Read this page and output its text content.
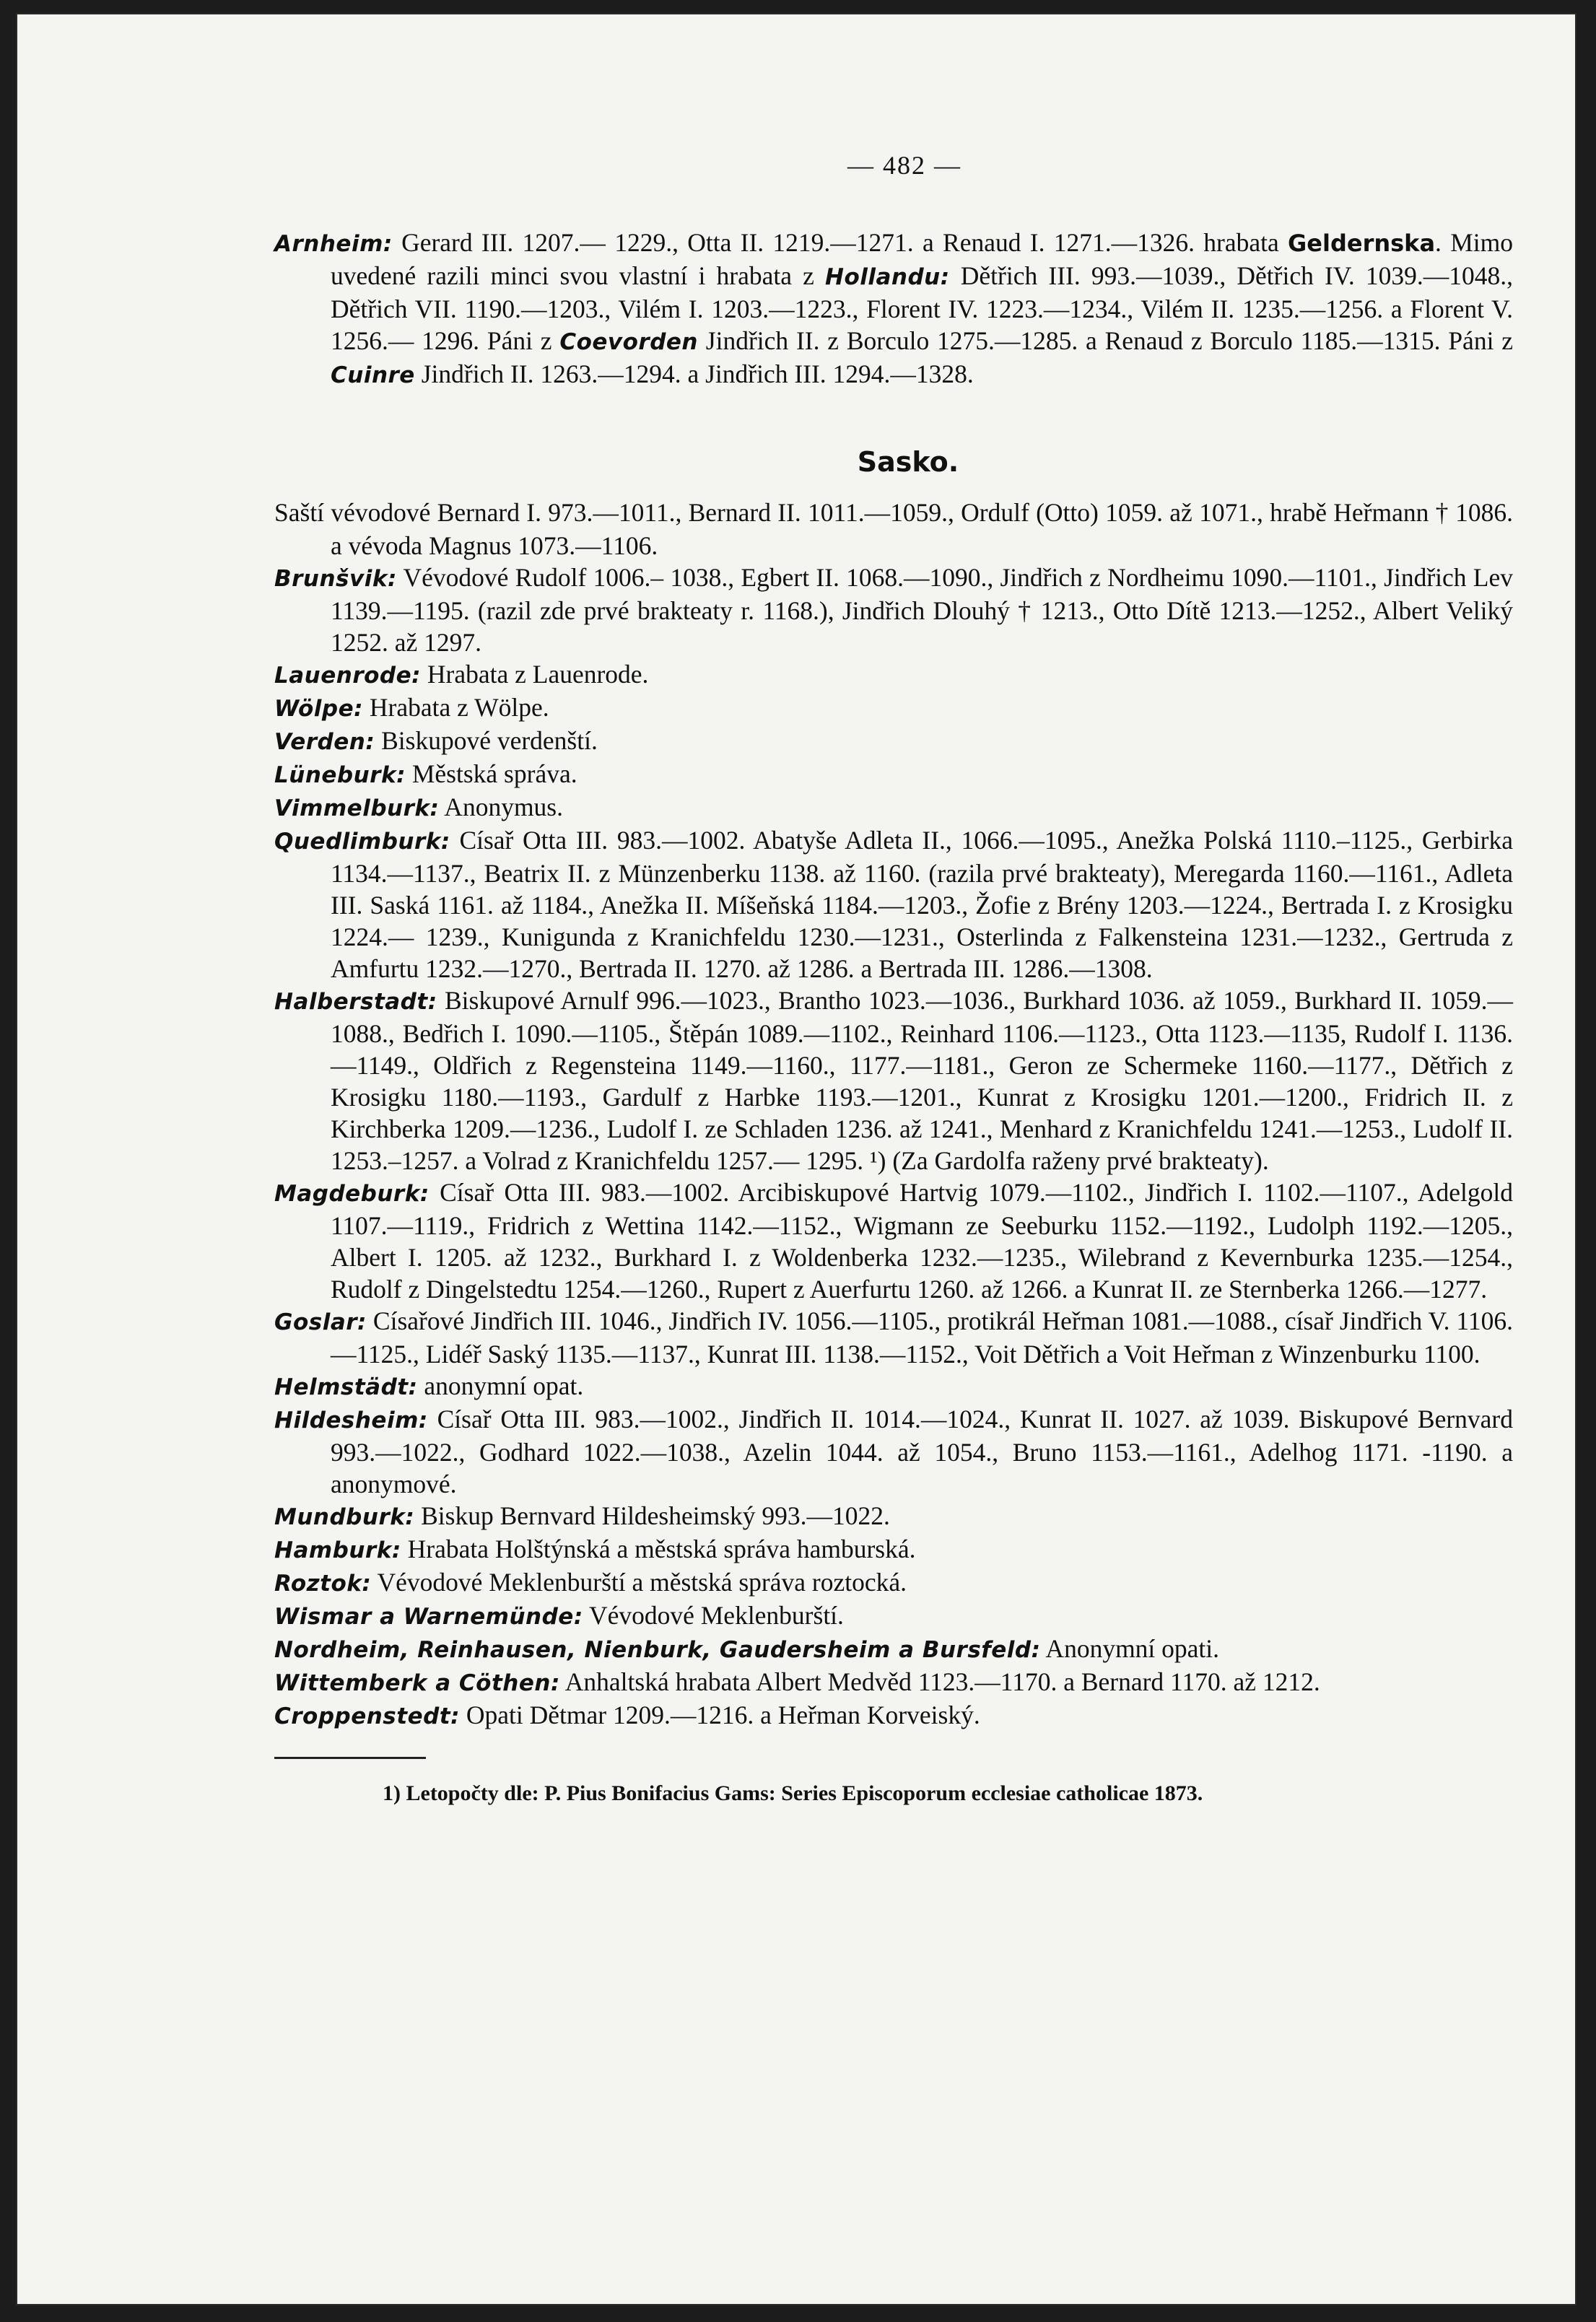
— 482 —

Arnheim: Gerard III. 1207.— 1229., Otta II. 1219.—1271. a Renaud I. 1271.—1326. hrabata Geldernska. Mimo uvedené razili minci svou vlastní i hrabata z Hollandu: Dětřich III. 993.—1039., Dětřich IV. 1039.—1048., Dětřich VII. 1190.—1203., Vilém I. 1203.—1223., Florent IV. 1223.—1234., Vilém II. 1235.—1256. a Florent V. 1256.— 1296. Páni z Coevorden Jindřich II. z Borculo 1275.—1285. a Renaud z Borculo 1185.—1315. Páni z Cuinre Jindřich II. 1263.—1294. a Jindřich III. 1294.—1328.

Sasko.

Saští vévodové Bernard I. 973.—1011., Bernard II. 1011.—1059., Ordulf (Otto) 1059. až 1071., hrabě Heřmann † 1086. a vévoda Magnus 1073.—1106.

Brunšvik: Vévodové Rudolf 1006.– 1038., Egbert II. 1068.—1090., Jindřich z Nordheimu 1090.—1101., Jindřich Lev 1139.—1195. (razil zde prvé brakteaty r. 1168.), Jindřich Dlouhý † 1213., Otto Dítě 1213.—1252., Albert Veliký 1252. až 1297.

Lauenrode: Hrabata z Lauenrode.

Wölpe: Hrabata z Wölpe.

Verden: Biskupové verdenští.

Lüneburk: Městská správa.

Vimmelburk: Anonymus.

Quedlimburk: Císař Otta III. 983.—1002. Abatyše Adleta II., 1066.—1095., Anežka Polská 1110.–1125., Gerbirka 1134.—1137., Beatrix II. z Münzenberku 1138. až 1160. (razila prvé brakteaty), Meregarda 1160.—1161., Adleta III. Saská 1161. až 1184., Anežka II. Míšeňská 1184.—1203., Žofie z Brény 1203.—1224., Bertrada I. z Krosigku 1224.— 1239., Kunigunda z Kranichfeldu 1230.—1231., Osterlinda z Falkensteina 1231.—1232., Gertruda z Amfurtu 1232.—1270., Bertrada II. 1270. až 1286. a Bertrada III. 1286.—1308.

Halberstadt: Biskupové Arnulf 996.—1023., Brantho 1023.—1036., Burkhard 1036. až 1059., Burkhard II. 1059.—1088., Bedřich I. 1090.—1105., Štěpán 1089.—1102., Reinhard 1106.—1123., Otta 1123.—1135, Rudolf I. 1136.—1149., Oldřich z Regensteina 1149.—1160., 1177.—1181., Geron ze Schermeke 1160.—1177., Dětřich z Krosigku 1180.—1193., Gardulf z Harbke 1193.—1201., Kunrat z Krosigku 1201.—1200., Fridrich II. z Kirchberka 1209.—1236., Ludolf I. ze Schladen 1236. až 1241., Menhard z Kranichfeldu 1241.—1253., Ludolf II. 1253.–1257. a Volrad z Kranichfeldu 1257.— 1295. ¹) (Za Gardolfa raženy prvé brakteaty).

Magdeburk: Císař Otta III. 983.—1002. Arcibiskupové Hartvig 1079.—1102., Jindřich I. 1102.—1107., Adelgold 1107.—1119., Fridrich z Wettina 1142.—1152., Wigmann ze Seeburku 1152.—1192., Ludolph 1192.—1205., Albert I. 1205. až 1232., Burkhard I. z Woldenberka 1232.—1235., Wilebrand z Kevernburka 1235.—1254., Rudolf z Dingelstedtu 1254.—1260., Rupert z Auerfurtu 1260. až 1266. a Kunrat II. ze Sternberka 1266.—1277.

Goslar: Císařové Jindřich III. 1046., Jindřich IV. 1056.—1105., protikrál Heřman 1081.—1088., císař Jindřich V. 1106.—1125., Lidéř Saský 1135.—1137., Kunrat III. 1138.—1152., Voit Dětřich a Voit Heřman z Winzenburku 1100.

Helmstädt: anonymní opat.

Hildesheim: Císař Otta III. 983.—1002., Jindřich II. 1014.—1024., Kunrat II. 1027. až 1039. Biskupové Bernvard 993.—1022., Godhard 1022.—1038., Azelin 1044. až 1054., Bruno 1153.—1161., Adelhog 1171. -1190. a anonymové.

Mundburk: Biskup Bernvard Hildesheimský 993.—1022.

Hamburk: Hrabata Holštýnská a městská správa hamburská.

Roztok: Vévodové Meklenburští a městská správa roztocká.

Wismar a Warnemünde: Vévodové Meklenburští.

Nordheim, Reinhausen, Nienburk, Gaudersheim a Bursfeld: Anonymní opati.

Wittemberk a Cöthen: Anhaltská hrabata Albert Medvěd 1123.—1170. a Bernard 1170. až 1212.

Croppenstedt: Opati Dětmar 1209.—1216. a Heřman Korveiský.

1) Letopočty dle: P. Pius Bonifacius Gams: Series Episcoporum ecclesiae catholicae 1873.
